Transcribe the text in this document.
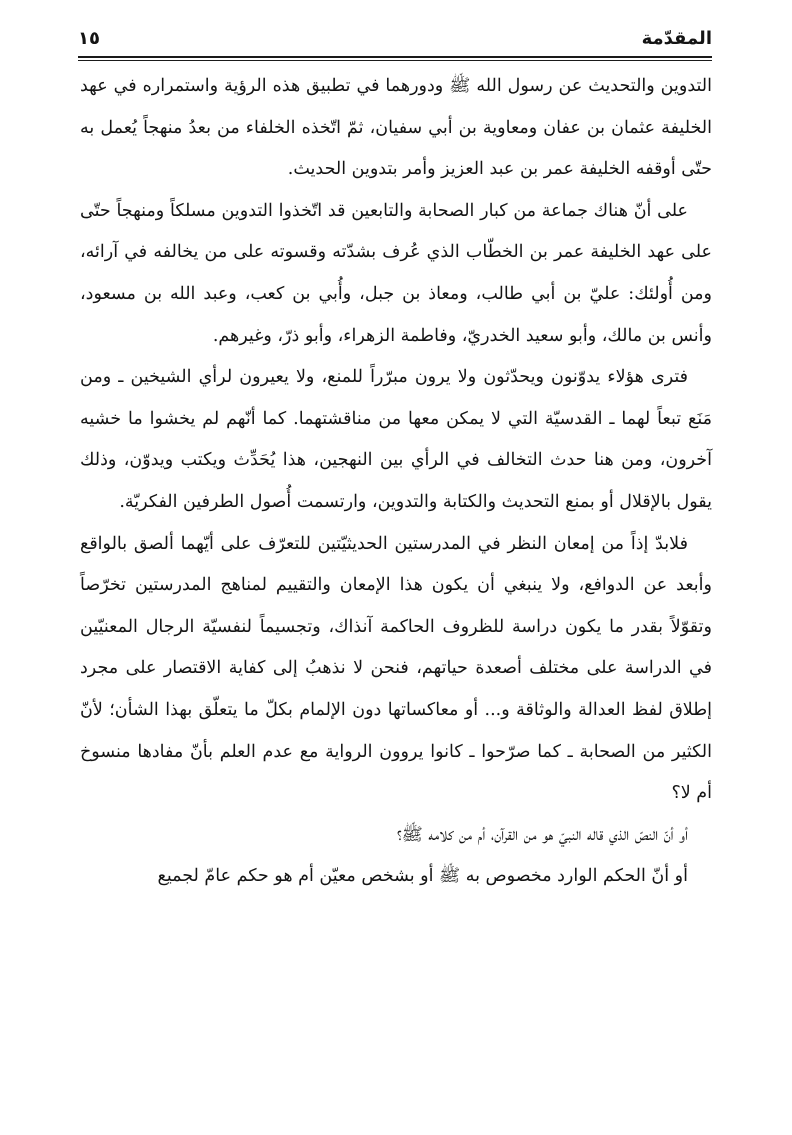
المقدّمة
١٥

التدوين والتحديث عن رسول الله ﷺ ودورهما في تطبيق هذه الرؤية واستمراره في عهد الخليفة عثمان بن عفان ومعاوية بن أبي سفيان، ثمّ اتّخذه الخلفاء من بعدُ منهجاً يُعمل به حتّى أوقفه الخليفة عمر بن عبد العزيز وأمر بتدوين الحديث.

على أنّ هناك جماعة من كبار الصحابة والتابعين قد اتّخذوا التدوين مسلكاً ومنهجاً حتّى على عهد الخليفة عمر بن الخطّاب الذي عُرف بشدّته وقسوته على من يخالفه في آرائه، ومن أُولئك: عليّ بن أبي طالب، ومعاذ بن جبل، وأُبي بن كعب، وعبد الله بن مسعود، وأنس بن مالك، وأبو سعيد الخدريّ، وفاطمة الزهراء، وأبو ذرّ، وغيرهم.

فترى هؤلاء يدوّنون ويحدّثون ولا يرون مبرّراً للمنع، ولا يعيرون لرأي الشيخين ـ ومن مَنَع تبعاً لهما ـ القدسيّة التي لا يمكن معها من مناقشتهما. كما أنّهم لم يخشوا ما خشيه آخرون، ومن هنا حدث التخالف في الرأي بين النهجين، هذا يُحَدِّث ويكتب ويدوّن، وذلك يقول بالإقلال أو بمنع التحديث والكتابة والتدوين، وارتسمت أُصول الطرفين الفكريّة.

فلابدّ إذاً من إمعان النظر في المدرستين الحديثيّتين للتعرّف على أيّهما ألصق بالواقع وأبعد عن الدوافع، ولا ينبغي أن يكون هذا الإمعان والتقييم لمناهج المدرستين تخرّصاً وتقوّلاً بقدر ما يكون دراسة للظروف الحاكمة آنذاك، وتجسيماً لنفسيّة الرجال المعنيّين في الدراسة على مختلف أصعدة حياتهم، فنحن لا نذهبُ إلى كفاية الاقتصار على مجرد إطلاق لفظ العدالة والوثاقة و... أو معاكساتها دون الإلمام بكلّ ما يتعلّق بهذا الشأن؛ لأنّ الكثير من الصحابة ـ كما صرّحوا ـ كانوا يروون الرواية مع عدم العلم بأنّ مفادها منسوخ أم لا؟

أو أنّ النصّ الذي قاله النبيّ هو من القرآن، أم من كلامه ﷺ؟

أو أنّ الحكم الوارد مخصوص به ﷺ أو بشخص معيّن أم هو حكم عامّ لجميع
